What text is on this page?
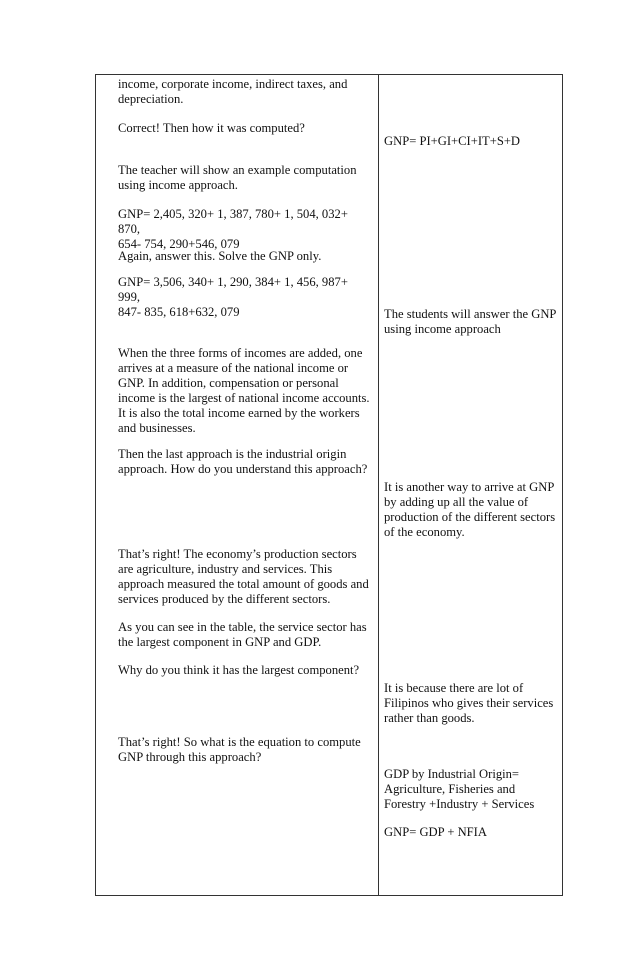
income, corporate income, indirect taxes, and
depreciation.

Correct! Then how it was computed?

The teacher will show an example computation
using income approach.

GNP= 2,405, 320+ 1, 387, 780+ 1, 504, 032+ 870,
654- 754, 290+546, 079

Again, answer this. Solve the GNP only.

GNP= 3,506, 340+ 1, 290, 384+ 1, 456, 987+ 999,
847- 835, 618+632, 079

When the three forms of incomes are added, one
arrives at a measure of the national income or
GNP. In addition, compensation or personal
income is the largest of national income accounts.
It is also the total income earned by the workers
and businesses.

Then the last approach is the industrial origin
approach. How do you understand this approach?

That’s right! The economy’s production sectors
are agriculture, industry and services. This
approach measured the total amount of goods and
services produced by the different sectors.

As you can see in the table, the service sector has
the largest component in GNP and GDP.

Why do you think it has the largest component?

That’s right! So what is the equation to compute
GNP through this approach?

GNP= PI+GI+CI+IT+S+D

The students will answer the GNP
using income approach

It is another way to arrive at GNP
by adding up all the value of
production of the different sectors
of the economy.

It is because there are lot of
Filipinos who gives their services
rather than goods.

GDP by Industrial Origin=
Agriculture, Fisheries and
Forestry +Industry + Services

GNP= GDP + NFIA
